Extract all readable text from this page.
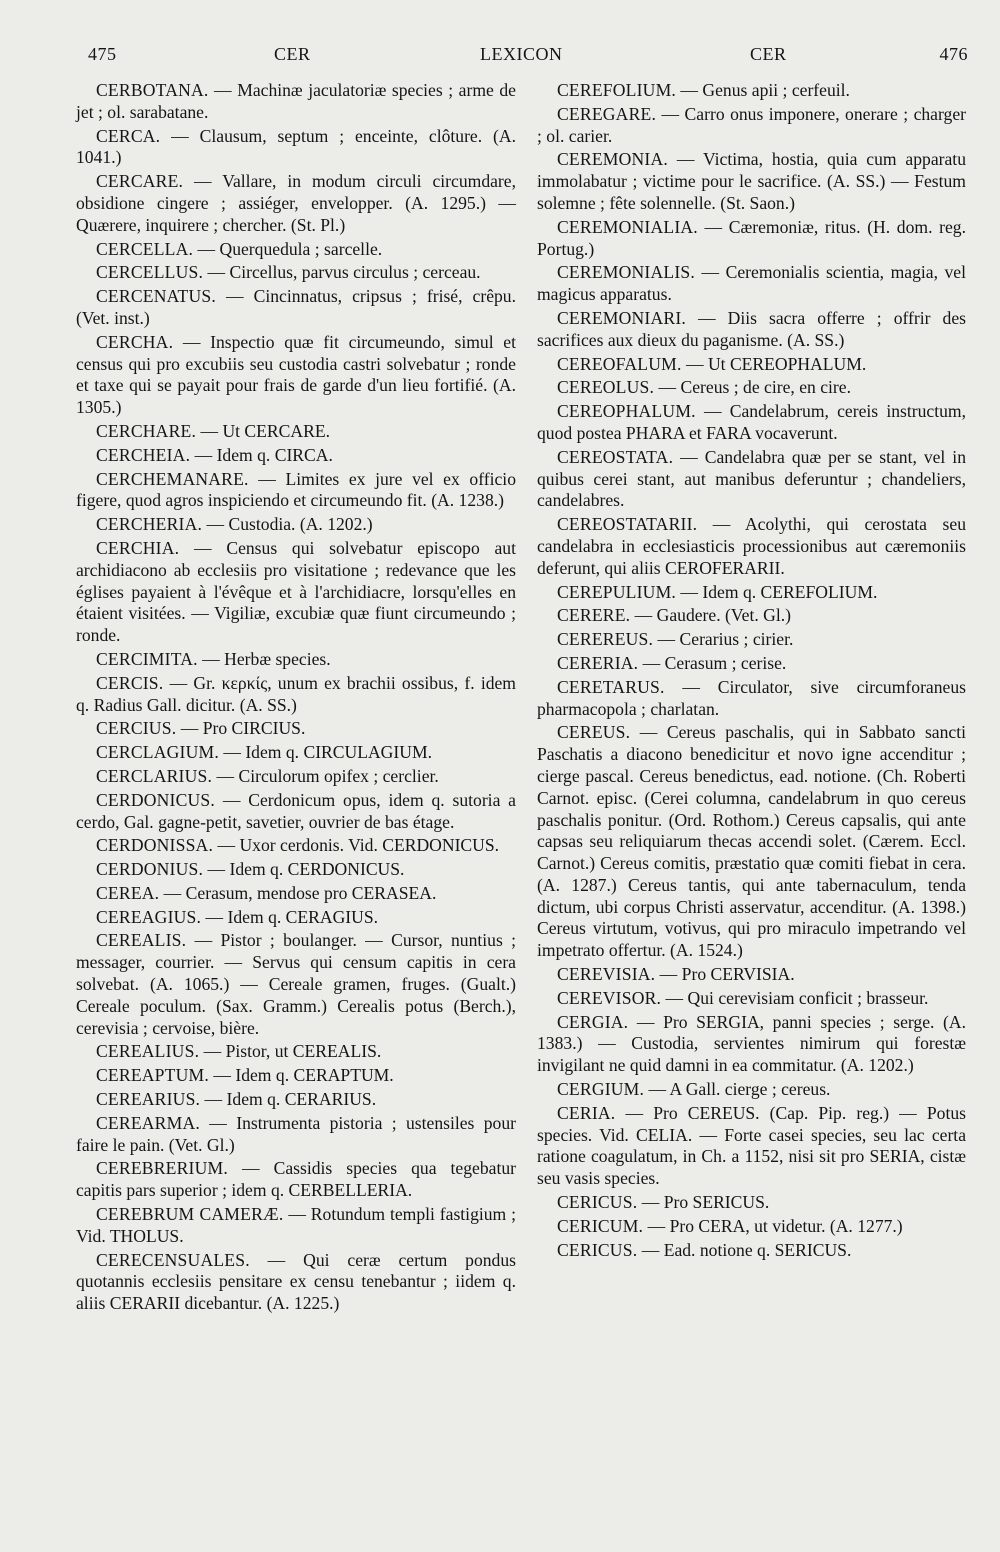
475	CER	LEXICON	CER	476

CERBOTANA. — Machinæ jaculatoriæ species ; arme de jet ; ol. sarabatane.

CERCA. — Clausum, septum ; enceinte, clôture. (A. 1041.)

CERCARE. — Vallare, in modum circuli circumdare, obsidione cingere ; assiéger, envelopper. (A. 1295.) — Quærere, inquirere ; chercher. (St. Pl.)

CERCELLA. — Querquedula ; sarcelle.

CERCELLUS. — Circellus, parvus circulus ; cerceau.

CERCENATUS. — Cincinnatus, cripsus ; frisé, crêpu. (Vet. inst.)

CERCHA. — Inspectio quæ fit circumeundo, simul et census qui pro excubiis seu custodia castri solvebatur ; ronde et taxe qui se payait pour frais de garde d'un lieu fortifié. (A. 1305.)

CERCHARE. — Ut CERCARE.

CERCHEIA. — Idem q. CIRCA.

CERCHEMANARE. — Limites ex jure vel ex officio figere, quod agros inspiciendo et circumeundo fit. (A. 1238.)

CERCHERIA. — Custodia. (A. 1202.)

CERCHIA. — Census qui solvebatur episcopo aut archidiacono ab ecclesiis pro visitatione ; redevance que les églises payaient à l'évêque et à l'archidiacre, lorsqu'elles en étaient visitées. — Vigiliæ, excubiæ quæ fiunt circumeundo ; ronde.

CERCIMITA. — Herbæ species.

CERCIS. — Gr. κερκίς, unum ex brachii ossibus, f. idem q. Radius Gall. dicitur. (A. SS.)

CERCIUS. — Pro CIRCIUS.

CERCLAGIUM. — Idem q. CIRCULAGIUM.

CERCLARIUS. — Circulorum opifex ; cerclier.

CERDONICUS. — Cerdonicum opus, idem q. sutoria a cerdo, Gal. gagne-petit, savetier, ouvrier de bas étage.

CERDONISSA. — Uxor cerdonis. Vid. CERDONICUS.

CERDONIUS. — Idem q. CERDONICUS.

CEREA. — Cerasum, mendose pro CERASEA.

CEREAGIUS. — Idem q. CERAGIUS.

CEREALIS. — Pistor ; boulanger. — Cursor, nuntius ; messager, courrier. — Servus qui censum capitis in cera solvebat. (A. 1065.) — Cereale gramen, fruges. (Gualt.) Cereale poculum. (Sax. Gramm.) Cerealis potus (Berch.), cerevisia ; cervoise, bière.

CEREALIUS. — Pistor, ut CEREALIS.

CEREAPTUM. — Idem q. CERAPTUM.

CEREARIUS. — Idem q. CERARIUS.

CEREARMA. — Instrumenta pistoria ; ustensiles pour faire le pain. (Vet. Gl.)

CEREBRERIUM. — Cassidis species qua tegebatur capitis pars superior ; idem q. CERBELLERIA.

CEREBRUM CAMERÆ. — Rotundum templi fastigium ; Vid. THOLUS.

CERECENSUALES. — Qui ceræ certum pondus quotannis ecclesiis pensitare ex censu tenebantur ; iidem q. aliis CERARII dicebantur. (A. 1225.)

CEREFOLIUM. — Genus apii ; cerfeuil.

CEREGARE. — Carro onus imponere, onerare ; charger ; ol. carier.

CEREMONIA. — Victima, hostia, quia cum apparatu immolabatur ; victime pour le sacrifice. (A. SS.) — Festum solemne ; fête solennelle. (St. Saon.)

CEREMONIALIA. — Cæremoniæ, ritus. (H. dom. reg. Portug.)

CEREMONIALIS. — Ceremonialis scientia, magia, vel magicus apparatus.

CEREMONIARI. — Diis sacra offerre ; offrir des sacrifices aux dieux du paganisme. (A. SS.)

CEREOFALUM. — Ut CEREOPHALUM.

CEREOLUS. — Cereus ; de cire, en cire.

CEREOPHALUM. — Candelabrum, cereis instructum, quod postea PHARA et FARA vocaverunt.

CEREOSTATA. — Candelabra quæ per se stant, vel in quibus cerei stant, aut manibus deferuntur ; chandeliers, candelabres.

CEREOSTATARII. — Acolythi, qui cerostata seu candelabra in ecclesiasticis processionibus aut cæremoniis deferunt, qui aliis CEROFERARII.

CEREPULIUM. — Idem q. CEREFOLIUM.

CERERE. — Gaudere. (Vet. Gl.)

CEREREUS. — Cerarius ; cirier.

CERERIA. — Cerasum ; cerise.

CERETARUS. — Circulator, sive circumforaneus pharmacopola ; charlatan.

CEREUS. — Cereus paschalis, qui in Sabbato sancti Paschatis a diacono benedicitur et novo igne accenditur ; cierge pascal. Cereus benedictus, ead. notione. (Ch. Roberti Carnot. episc. (Cerei columna, candelabrum in quo cereus paschalis ponitur. (Ord. Rothom.) Cereus capsalis, qui ante capsas seu reliquiarum thecas accendi solet. (Cærem. Eccl. Carnot.) Cereus comitis, præstatio quæ comiti fiebat in cera. (A. 1287.) Cereus tantis, qui ante tabernaculum, tenda dictum, ubi corpus Christi asservatur, accenditur. (A. 1398.) Cereus virtutum, votivus, qui pro miraculo impetrando vel impetrato offertur. (A. 1524.)

CEREVISIA. — Pro CERVISIA.

CEREVISOR. — Qui cerevisiam conficit ; brasseur.

CERGIA. — Pro SERGIA, panni species ; serge. (A. 1383.) — Custodia, servientes nimirum qui forestæ invigilant ne quid damni in ea commitatur. (A. 1202.)

CERGIUM. — A Gall. cierge ; cereus.

CERIA. — Pro CEREUS. (Cap. Pip. reg.) — Potus species. Vid. CELIA. — Forte casei species, seu lac certa ratione coagulatum, in Ch. a 1152, nisi sit pro SERIA, cistæ seu vasis species.

CERICUS. — Pro SERICUS.

CERICUM. — Pro CERA, ut videtur. (A. 1277.)

CERICUS. — Ead. notione q. SERICUS.
